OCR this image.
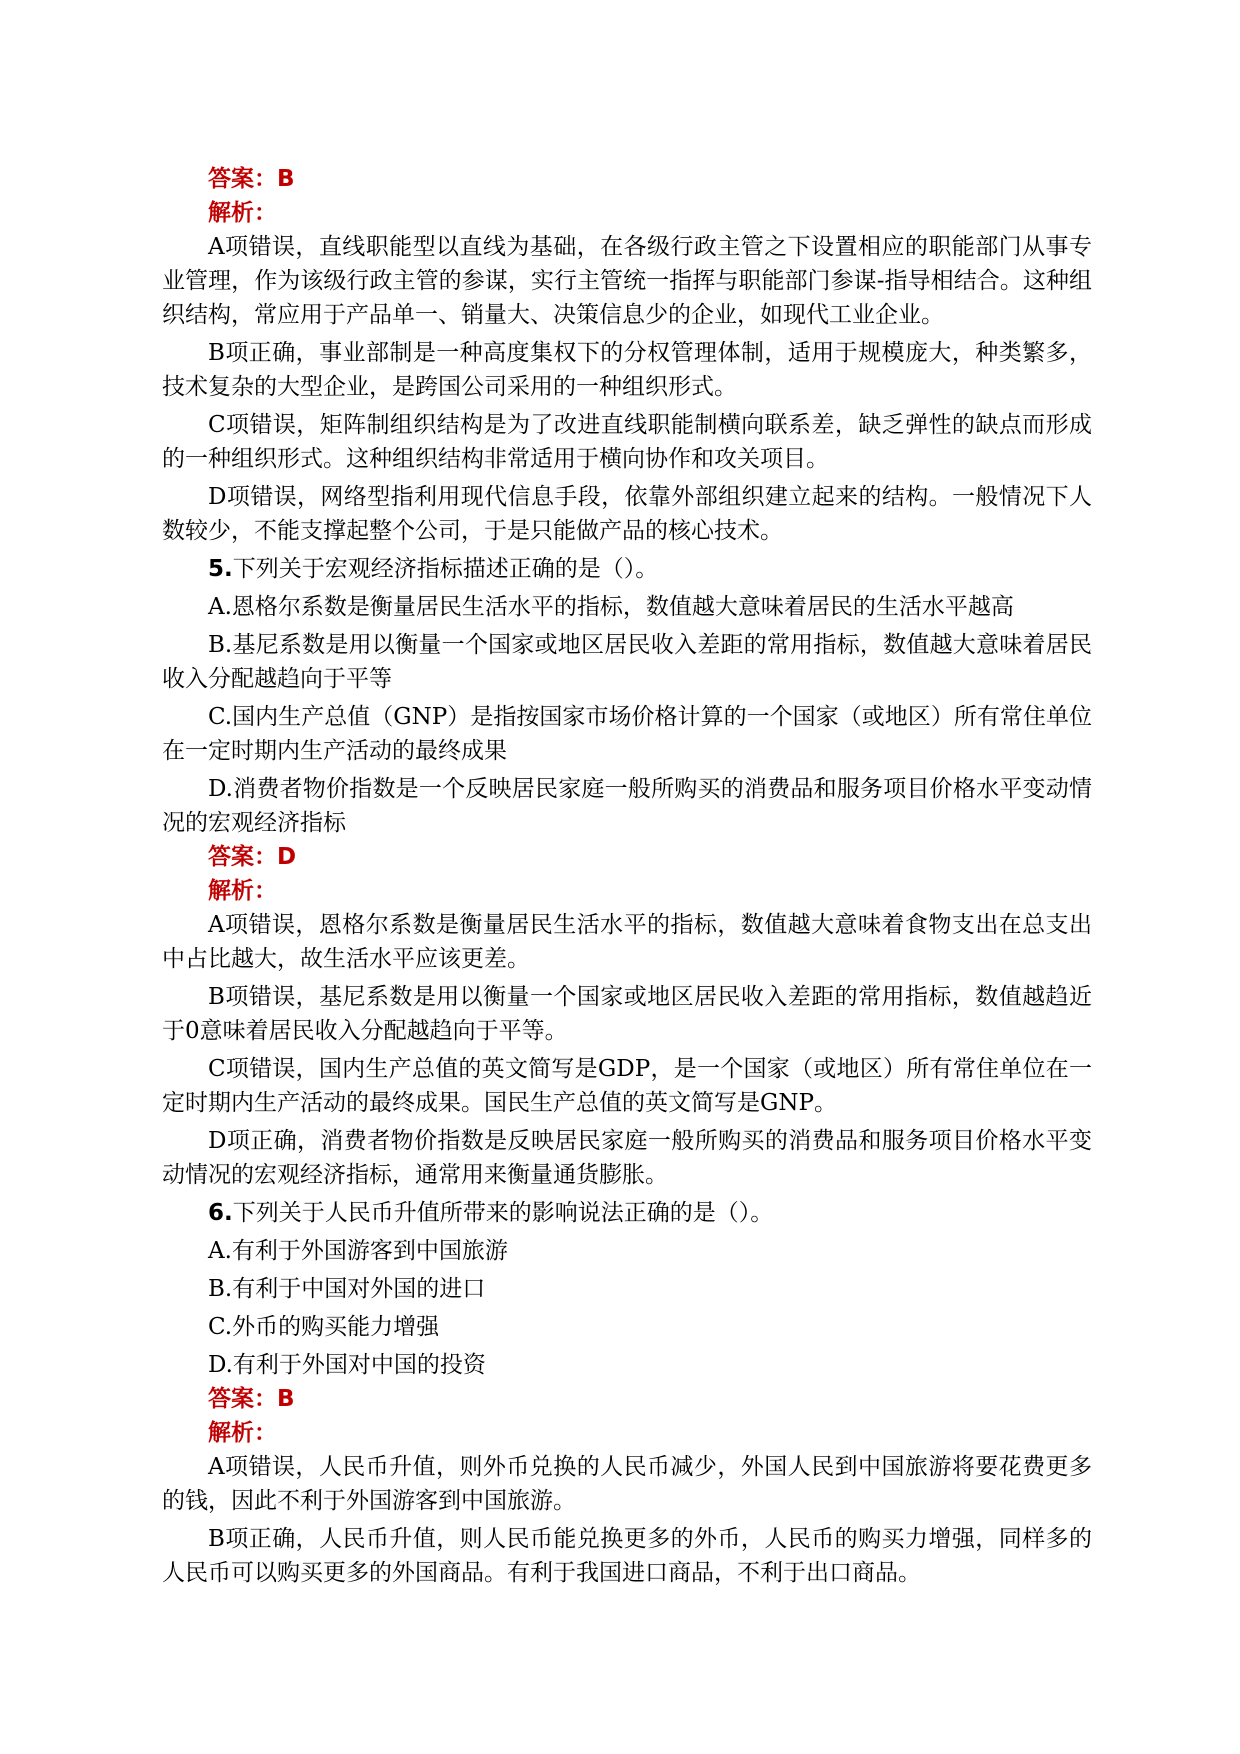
答案：B

解析：

A项错误，直线职能型以直线为基础，在各级行政主管之下设置相应的职能部门从事专业管理，作为该级行政主管的参谋，实行主管统一指挥与职能部门参谋-指导相结合。这种组织结构，常应用于产品单一、销量大、决策信息少的企业，如现代工业企业。

B项正确，事业部制是一种高度集权下的分权管理体制，适用于规模庞大，种类繁多，技术复杂的大型企业，是跨国公司采用的一种组织形式。

C项错误，矩阵制组织结构是为了改进直线职能制横向联系差，缺乏弹性的缺点而形成的一种组织形式。这种组织结构非常适用于横向协作和攻关项目。

D项错误，网络型指利用现代信息手段，依靠外部组织建立起来的结构。一般情况下人数较少，不能支撑起整个公司，于是只能做产品的核心技术。

5.下列关于宏观经济指标描述正确的是（）。

A.恩格尔系数是衡量居民生活水平的指标，数值越大意味着居民的生活水平越高

B.基尼系数是用以衡量一个国家或地区居民收入差距的常用指标，数值越大意味着居民收入分配越趋向于平等

C.国内生产总值（GNP）是指按国家市场价格计算的一个国家（或地区）所有常住单位在一定时期内生产活动的最终成果

D.消费者物价指数是一个反映居民家庭一般所购买的消费品和服务项目价格水平变动情况的宏观经济指标

答案：D

解析：

A项错误，恩格尔系数是衡量居民生活水平的指标，数值越大意味着食物支出在总支出中占比越大，故生活水平应该更差。

B项错误，基尼系数是用以衡量一个国家或地区居民收入差距的常用指标，数值越趋近于0意味着居民收入分配越趋向于平等。

C项错误，国内生产总值的英文简写是GDP，是一个国家（或地区）所有常住单位在一定时期内生产活动的最终成果。国民生产总值的英文简写是GNP。

D项正确，消费者物价指数是反映居民家庭一般所购买的消费品和服务项目价格水平变动情况的宏观经济指标，通常用来衡量通货膨胀。

6.下列关于人民币升值所带来的影响说法正确的是（）。

A.有利于外国游客到中国旅游

B.有利于中国对外国的进口

C.外币的购买能力增强

D.有利于外国对中国的投资

答案：B

解析：

A项错误，人民币升值，则外币兑换的人民币减少，外国人民到中国旅游将要花费更多的钱，因此不利于外国游客到中国旅游。

B项正确，人民币升值，则人民币能兑换更多的外币，人民币的购买力增强，同样多的人民币可以购买更多的外国商品。有利于我国进口商品，不利于出口商品。
